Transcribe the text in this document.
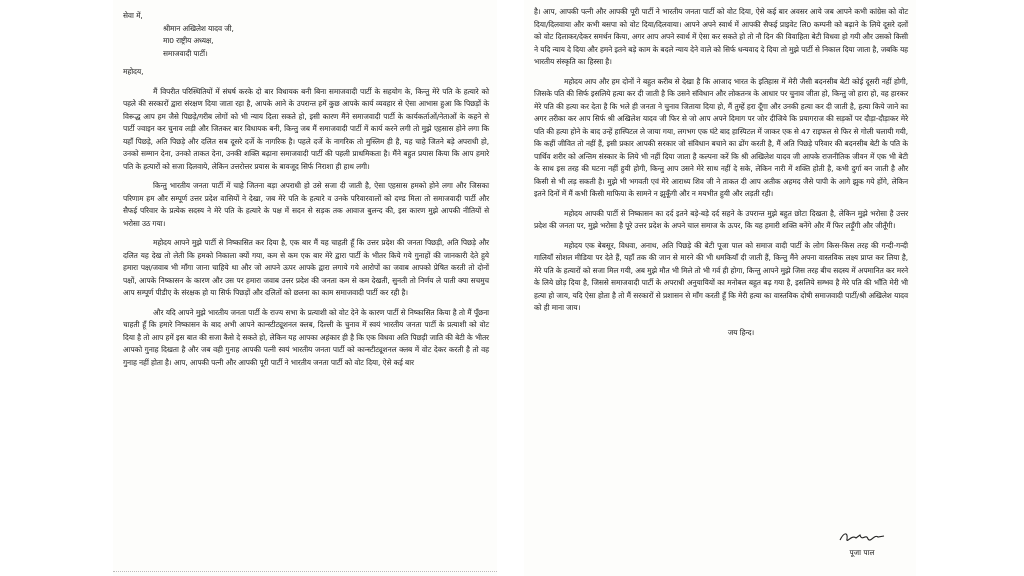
सेवा में,

श्रीमान अखिलेश यादव जी,

मा0 राष्ट्रीय अध्यक्ष,

समाजवादी पार्टी।

महोदय,

मैं विपरीत परिस्थितियों में संघर्ष करके दो बार विधायक बनी बिना समाजवादी पार्टी के सहयोग के, किन्तु मेरे पति के हत्यारे को पहले की सरकारों द्वारा संरक्षण दिया जाता रहा है, आपके आने के उपरान्त हमें कुछ आपके कार्य व्यवहार से ऐसा आभास हुआ कि पिछड़ों के विरूद्ध आप हम जैसे पिछड़े/गरीब लोगों को भी न्याय दिला सकते हो, इसी कारण मैंने समाजवादी पार्टी के कार्यकर्ताओं/नेताओं के कहने से पार्टी ज्वाइन कर चुनाव लड़ी और जितकर बार विधायक बनी, किन्तु जब मैं समाजवादी पार्टी में कार्य करने लगी तो मुझे एहसास होने लगा कि यहाँ पिछड़े, अति पिछड़े और दलित सब दूसरे दर्जे के नागरिक है। पहले दर्जे के नागरिक तो मुस्लिम ही है, यह चाहे जितने बड़े अपराधी हो, उनको सम्मान देना, उनको ताकत देना, उनकी शक्ति बढ़ाना समाजवादी पार्टी की पहली प्राथमिकता है। मैंने बहुत प्रयास किया कि आप हमारे पति के हत्यारों को सजा दिलवाये, लेकिन उत्तरोत्तर प्रयास के बावजूद सिर्फ निराशा ही हाथ लगी।

किन्तु भारतीय जनता पार्टी में चाहे जितना बड़ा अपराधी हो उसे सजा दी जाती है, ऐसा एहसास हमको होने लगा और जिसका परिणाम हम और सम्पूर्ण उत्तर प्रदेश वासियों ने देखा, जब मेरे पति के हत्यारे व उनके परिवारवालों को दण्ड मिला तो समाजवादी पार्टी और सैफई परिवार के प्रत्येक सदस्य ने मेरे पति के हत्यारे के पक्ष में सदन से सड़क तक आवाज बुलन्द की, इस कारण मुझे आपकी नीतियों से भरोसा उठ गया।

महोदय आपने मुझे पार्टी से निष्कासित कर दिया है, एक बार मैं यह चाहती हूँ कि उत्तर प्रदेश की जनता पिछड़ी, अति पिछड़े और दलित यह देख तो लेती कि हमको निकाला क्यों गया, कम से कम एक बार मेरे द्वारा पार्टी के भीतर किये गये गुनाहों की जानकारी देते हुये हमारा पक्ष/जवाब भी माँगा जाना चाहिये था और जो आपने ऊपर आपके द्वारा लगाये गये आरोपों का जवाब आपको प्रेषित करती तो दोनों पक्षों, आपके निष्कासन के कारण और उस पर हमारा जवाब उत्तर प्रदेश की जनता कम से कम देखती, सुनती तो निर्णय ले पाती क्या सचमुच आप सम्पूर्ण पीडीए के संरक्षक हो या सिर्फ पिछड़ों और दलितों को छलना का काम समाजवादी पार्टी कर रही है।

और यदि आपने मुझे भारतीय जनता पार्टी के राज्य सभा के प्रत्याशी को वोट देने के कारण पार्टी से निष्कासित किया है तो मैं पूँछना चाहती हूँ कि हमारे निष्कासन के बाद अभी आपने कान्स्टीट्यूशनल क्लब, दिल्ली के चुनाव में स्वयं भारतीय जनता पार्टी के प्रत्याशी को वोट दिया है तो आप हमें इस बात की सजा कैसे दे सकते हो, लेकिन यह आपका अहंकार ही है कि एक विधवा अति पिछड़ी जाति की बेटी के भीतर आपको गुनाह दिखता है और जब वही गुनाह आपकी पत्नी स्वयं भारतीय जनता पार्टी को कान्स्टीट्यूशनल क्लब में वोट देकर करती है तो वह गुनाह नहीं होता है। आप, आपकी पत्नी और आपकी पूरी पार्टी ने भारतीय जनता पार्टी को वोट दिया, ऐसे कई बार

है। आप, आपकी पत्नी और आपकी पूरी पार्टी ने भारतीय जनता पार्टी को वोट दिया, ऐसे कई बार अवसर आये जब आपने कभी कांग्रेस को वोट दिया/दिलवाया और कभी बसपा को वोट दिया/दिलवाया। आपने अपने स्वार्थ में आपकी सैफई प्राइवेट लि0 कम्पनी को बढ़ाने के लिये दूसरे दलों को वोट दिलाकर/देकर समर्थन किया, अगर आप अपने स्वार्थ में ऐसा कर सकते हो तो नौ दिन की विवाहिता बेटी विधवा हो गयी और उसको किसी ने यदि न्याय दे दिया और हमने इतने बड़े काम के बदले न्याय देने वाले को सिर्फ धन्यवाद दे दिया तो मुझे पार्टी से निकाल दिया जाता है, जबकि यह भारतीय संस्कृति का हिस्सा है।

महोदय आप और हम दोनों ने बहुत करीब से देखा है कि आजाद भारत के इतिहास में मेरी जैसी बदनसीब बेटी कोई दूसरी नहीं होगी, जिसके पति की सिर्फ इसलिये हत्या कर दी जाती है कि उसने संविधान और लोकतन्त्र के आधार पर चुनाव जीता हो, किन्तु जो हारा हो, वह हारकर मेरे पति की हत्या कर देता है कि भले ही जनता ने चुनाव जिताया दिया हो, मैं तुम्हें हरा दूँगा और उनकी हत्या कर दी जाती है, हत्या किये जाने का अगर तरीका कर आप सिर्फ श्री अखिलेश यादव जी फिर से जो आप अपने दिमाग पर जोर दीजिये कि प्रयागराज की सड़कों पर दौड़ा-दौड़ाकर मेरे पति की हत्या होने के बाद उन्हें हास्पिटल ले जाया गया, लगभग एक घंटे बाद हास्पिटल में जाकर एक से 47 राइफल से फिर से गोली चलायी गयी, कि कहीं जीवित तो नहीं हैं, इसी प्रकार आपकी सरकार जो संविधान बचाने का ढोंग करती है, मैं अति पिछड़े परिवार की बदनसीब बेटी के पति के पार्थिव शरीर को अन्तिम संस्कार के लिये भी नहीं दिया जाता है कल्पना करें कि श्री अखिलेश यादव जी आपके राजनीतिक जीवन में एक भी बेटी के साथ इस तरह की घटना नहीं हुयी होगी, किन्तु आप उसने मेरे साथ नहीं दे सके, लेकिन नारी में शक्ति होती है, कभी दुर्गा बन जाती है और किसी से भी लड़ सकती है। मुझे भी भगवती एवं मेरे आराध्य शिव जी ने ताकत दी आप अतीक अहमद जैसे पापी के आगे झुक गये होंगे, लेकिन इतने दिनों में मैं कभी किसी माफिया के सामने न झुकूँगी और न मयभीत हुयी और लड़ती रही।

महोदय आपकी पार्टी से निष्कासन का दर्द इतने बड़े-बड़े दर्द सहने के उपरान्त मुझे बहुत छोटा दिखता है, लेकिन मुझे भरोसा है उत्तर प्रदेश की जनता पर, मुझे भरोसा है पूरे उत्तर प्रदेश के अपने चाल समाज के ऊपर, कि यह हमारी शक्ति बनेंगे और मैं फिर लड़ूँगी और जीतूँगी।

महोदय एक बेबसूर, विधवा, अनाथ, अति पिछड़े की बेटी पूजा पाल को समाज वादी पार्टी के लोग किस-किस तरह की गन्दी-गन्दी गालियाँ सोशल मीडिया पर देते हैं, यहाँ तक की जान से मारने की भी धमकियाँ दी जाती हैं, किन्तु मैंने अपना वास्तविक लक्ष्य प्राप्त कर लिया है, मेरे पति के हत्यारों को सजा मिल गयी, अब मुझे मौत भी मिले तो भी गर्व ही होगा, किन्तु आपने मुझे जिस तरह बीच सदस्य में अपमानित कर मरने के लिये छोड़ दिया है, जिससे समाजवादी पार्टी के अपराधी अनुयायियों का मनोबल बहुत बढ़ गया है, इसलिये सम्भव है मेरे पति की भाँति मेरी भी हत्या हो जाय, यदि ऐसा होता है तो मैं सरकारों से प्रशासन से माँग करती हूँ कि मेरी हत्या का वास्तविक दोषी समाजवादी पार्टी/श्री अखिलेश यादव को ही माना जाय।

जय हिन्द।

पूजा पाल
